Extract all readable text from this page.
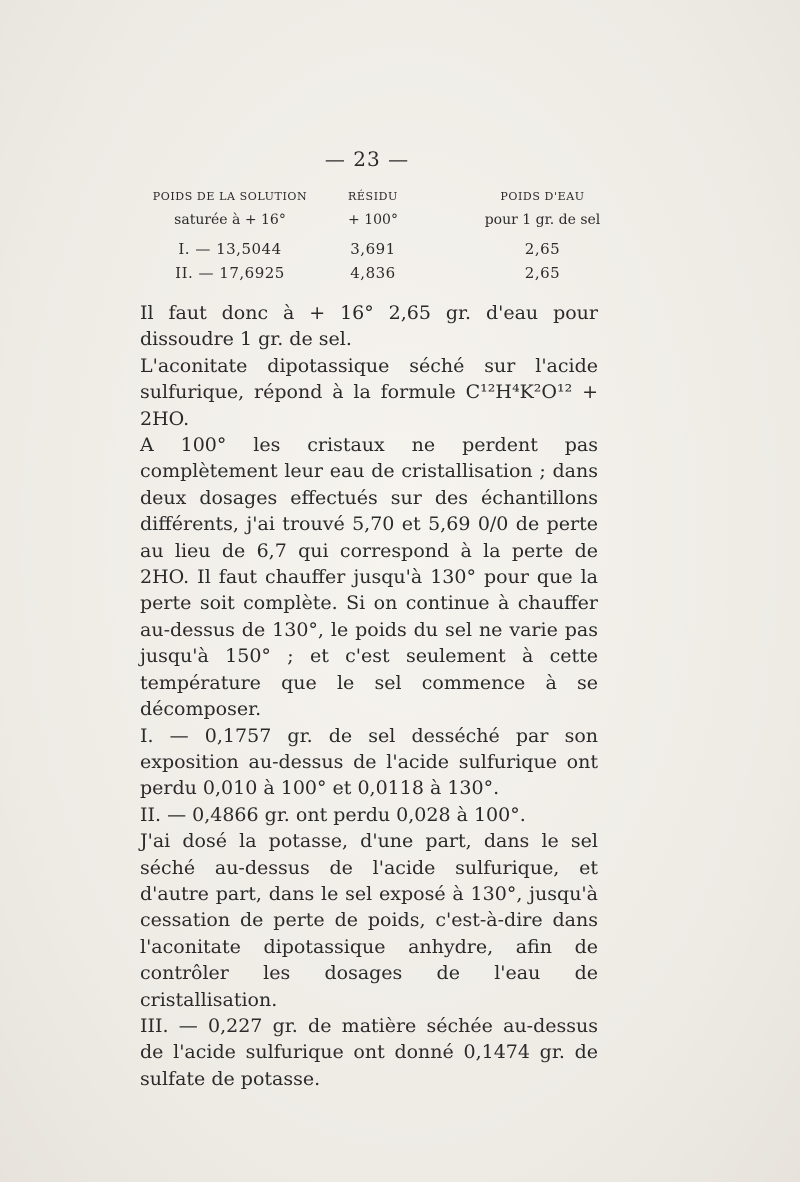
— 23 —
POIDS DE LA SOLUTION	RÉSIDU	POIDS D'EAU
saturée à + 16°	+ 100°	pour 1 gr. de sel
I. — 13,5044	3,691	2,65
II. — 17,6925	4,836	2,65

Il faut donc à + 16° 2,65 gr. d'eau pour dissoudre 1 gr. de sel.

L'aconitate dipotassique séché sur l'acide sulfurique, répond à la formule C¹²H⁴K²O¹² + 2HO.

A 100° les cristaux ne perdent pas complètement leur eau de cristallisation ; dans deux dosages effectués sur des échantillons différents, j'ai trouvé 5,70 et 5,69 0/0 de perte au lieu de 6,7 qui correspond à la perte de 2HO. Il faut chauffer jusqu'à 130° pour que la perte soit complète. Si on continue à chauffer au-dessus de 130°, le poids du sel ne varie pas jusqu'à 150° ; et c'est seulement à cette température que le sel commence à se décomposer.

I. — 0,1757 gr. de sel desséché par son exposition au-dessus de l'acide sulfurique ont perdu 0,010 à 100° et 0,0118 à 130°.

II. — 0,4866 gr. ont perdu 0,028 à 100°.

J'ai dosé la potasse, d'une part, dans le sel séché au-dessus de l'acide sulfurique, et d'autre part, dans le sel exposé à 130°, jusqu'à cessation de perte de poids, c'est-à-dire dans l'aconitate dipotassique anhydre, afin de contrôler les dosages de l'eau de cristallisation.

III. — 0,227 gr. de matière séchée au-dessus de l'acide sulfurique ont donné 0,1474 gr. de sulfate de potasse.
